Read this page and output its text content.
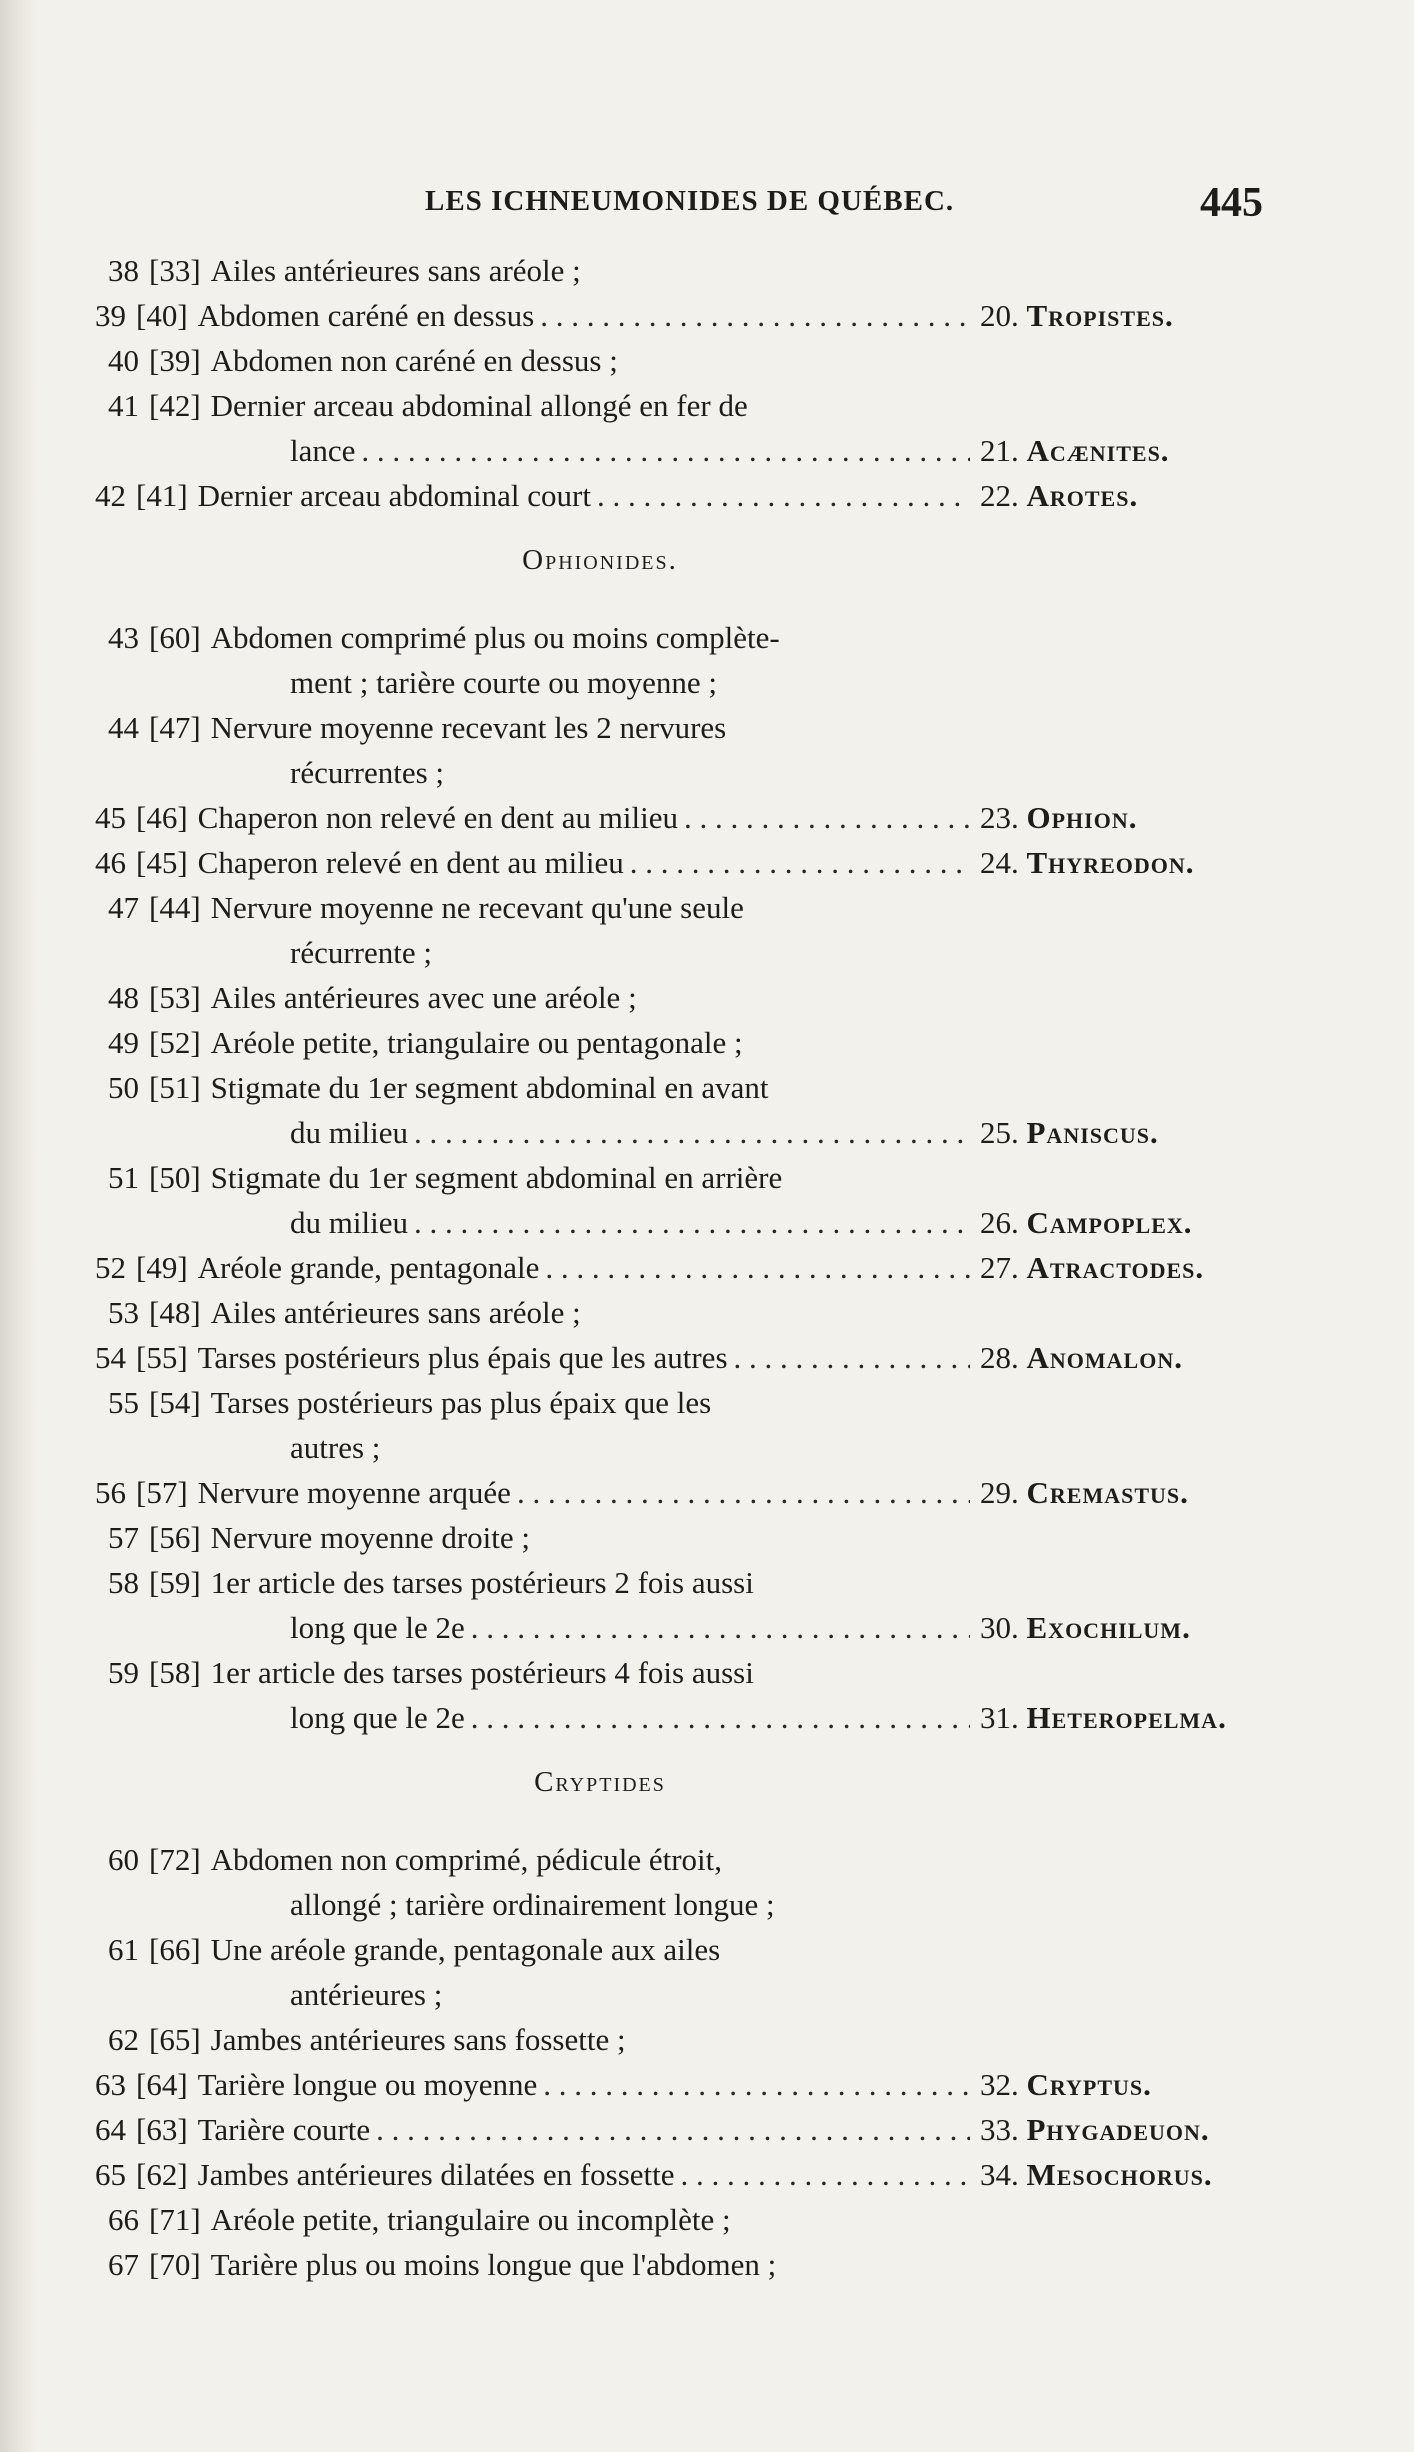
LES ICHNEUMONIDES DE QUÉBEC.	445
38 [33] Ailes antérieures sans aréole ;
39 [40] Abdomen caréné en dessus . . .	20. Tropistes.
40 [39] Abdomen non caréné en dessus ;
41 [42] Dernier arceau abdominal allongé en fer de
lance . . .	21. Acænites.
42 [41] Dernier arceau abdominal court . . .	22. Arotes.
Ophionides.
43 [60] Abdomen comprimé plus ou moins complète-
ment ; tarière courte ou moyenne ;
44 [47] Nervure moyenne recevant les 2 nervures
récurrentes ;
45 [46] Chaperon non relevé en dent au milieu . . .	23. Ophion.
46 [45] Chaperon relevé en dent au milieu . . .	24. Thyreodon.
47 [44] Nervure moyenne ne recevant qu'une seule
récurrente ;
48 [53] Ailes antérieures avec une aréole ;
49 [52] Aréole petite, triangulaire ou pentagonale ;
50 [51] Stigmate du 1er segment abdominal en avant
du milieu . . .	25. Paniscus.
51 [50] Stigmate du 1er segment abdominal en arrière
du milieu . . .	26. Campoplex.
52 [49] Aréole grande, pentagonale . . .	27. Atractodes.
53 [48] Ailes antérieures sans aréole ;
54 [55] Tarses postérieurs plus épais que les autres . . .	28. Anomalon.
55 [54] Tarses postérieurs pas plus épaix que les
autres ;
56 [57] Nervure moyenne arquée . . .	29. Cremastus.
57 [56] Nervure moyenne droite ;
58 [59] 1er article des tarses postérieurs 2 fois aussi
long que le 2e . . .	30. Exochilum.
59 [58] 1er article des tarses postérieurs 4 fois aussi
long que le 2e . . .	31. Heteropelma.
Cryptides
60 [72] Abdomen non comprimé, pédicule étroit,
allongé ; tarière ordinairement longue ;
61 [66] Une aréole grande, pentagonale aux ailes
antérieures ;
62 [65] Jambes antérieures sans fossette ;
63 [64] Tarière longue ou moyenne . . .	32. Cryptus.
64 [63] Tarière courte . . .	33. Phygadeuon.
65 [62] Jambes antérieures dilatées en fossette . . .	34. Mesochorus.
66 [71] Aréole petite, triangulaire ou incomplète ;
67 [70] Tarière plus ou moins longue que l'abdomen ;
